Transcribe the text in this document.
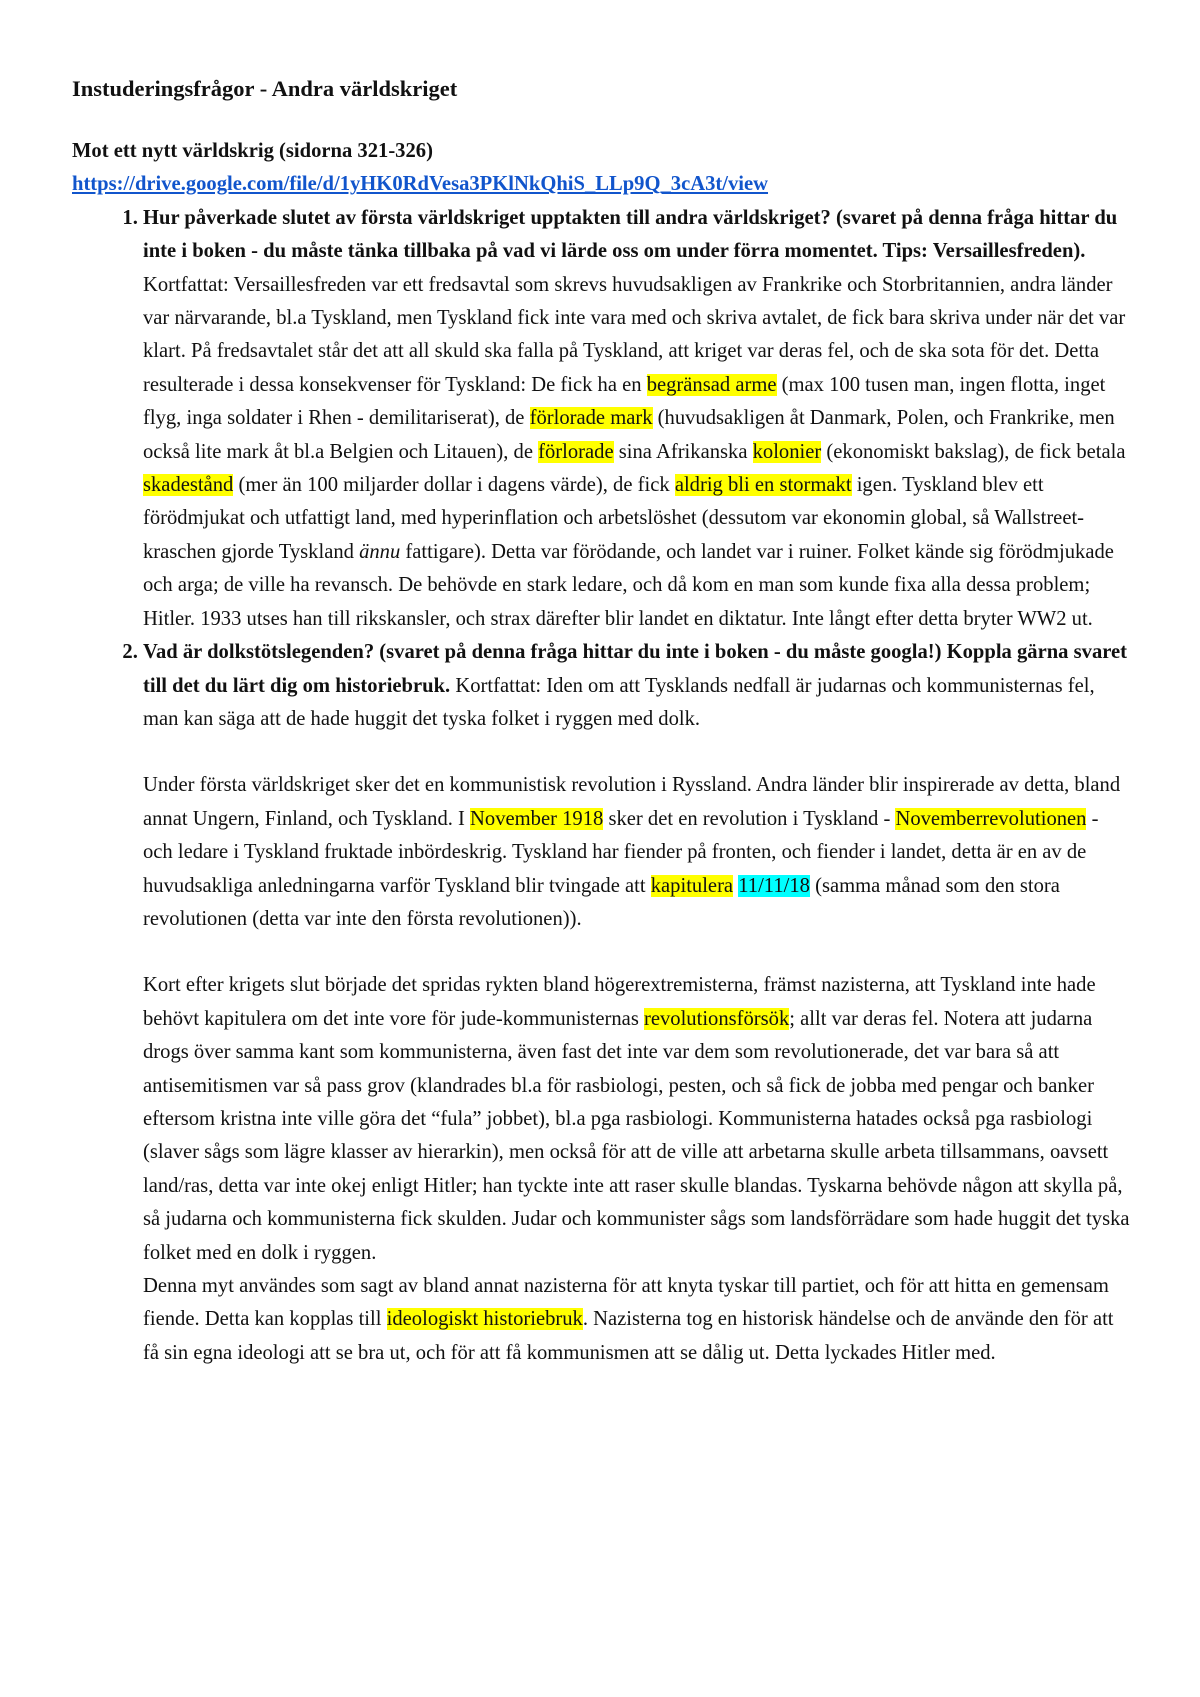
Instuderingsfrågor - Andra världskriget

Mot ett nytt världskrig (sidorna 321-326)

https://drive.google.com/file/d/1yHK0RdVesa3PKlNkQhiS_LLp9Q_3cA3t/view

1. Hur påverkade slutet av första världskriget upptakten till andra världskriget? (svaret på denna fråga hittar du inte i boken - du måste tänka tillbaka på vad vi lärde oss om under förra momentet. Tips: Versaillesfreden). Kortfattat: Versaillesfreden var ett fredsavtal som skrevs huvudsakligen av Frankrike och Storbritannien, andra länder var närvarande, bl.a Tyskland, men Tyskland fick inte vara med och skriva avtalet, de fick bara skriva under när det var klart. På fredsavtalet står det att all skuld ska falla på Tyskland, att kriget var deras fel, och de ska sota för det. Detta resulterade i dessa konsekvenser för Tyskland: De fick ha en begränsad arme (max 100 tusen man, ingen flotta, inget flyg, inga soldater i Rhen - demilitariserat), de förlorade mark (huvudsakligen åt Danmark, Polen, och Frankrike, men också lite mark åt bl.a Belgien och Litauen), de förlorade sina Afrikanska kolonier (ekonomiskt bakslag), de fick betala skadestånd (mer än 100 miljarder dollar i dagens värde), de fick aldrig bli en stormakt igen. Tyskland blev ett förödmjukat och utfattigt land, med hyperinflation och arbetslöshet (dessutom var ekonomin global, så Wallstreet-kraschen gjorde Tyskland ännu fattigare). Detta var förödande, och landet var i ruiner. Folket kände sig förödmjukade och arga; de ville ha revansch. De behövde en stark ledare, och då kom en man som kunde fixa alla dessa problem; Hitler. 1933 utses han till rikskansler, och strax därefter blir landet en diktatur. Inte långt efter detta bryter WW2 ut.

2. Vad är dolkstötslegenden? (svaret på denna fråga hittar du inte i boken - du måste googla!) Koppla gärna svaret till det du lärt dig om historiebruk. Kortfattat: Iden om att Tysklands nedfall är judarnas och kommunisternas fel, man kan säga att de hade huggit det tyska folket i ryggen med dolk.

Under första världskriget sker det en kommunistisk revolution i Ryssland. Andra länder blir inspirerade av detta, bland annat Ungern, Finland, och Tyskland. I November 1918 sker det en revolution i Tyskland - Novemberrevolutionen - och ledare i Tyskland fruktade inbördeskrig. Tyskland har fiender på fronten, och fiender i landet, detta är en av de huvudsakliga anledningarna varför Tyskland blir tvingade att kapitulera 11/11/18 (samma månad som den stora revolutionen (detta var inte den första revolutionen)).

Kort efter krigets slut började det spridas rykten bland högerextremisterna, främst nazisterna, att Tyskland inte hade behövt kapitulera om det inte vore för jude-kommunisternas revolutionsförsök; allt var deras fel. Notera att judarna drogs över samma kant som kommunisterna, även fast det inte var dem som revolutionerade, det var bara så att antisemitismen var så pass grov (klandrades bl.a för rasbiologi, pesten, och så fick de jobba med pengar och banker eftersom kristna inte ville göra det “fula” jobbet), bl.a pga rasbiologi. Kommunisterna hatades också pga rasbiologi (slaver sågs som lägre klasser av hierarkin), men också för att de ville att arbetarna skulle arbeta tillsammans, oavsett land/ras, detta var inte okej enligt Hitler; han tyckte inte att raser skulle blandas. Tyskarna behövde någon att skylla på, så judarna och kommunisterna fick skulden. Judar och kommunister sågs som landsförrädare som hade huggit det tyska folket med en dolk i ryggen.

Denna myt användes som sagt av bland annat nazisterna för att knyta tyskar till partiet, och för att hitta en gemensam fiende. Detta kan kopplas till ideologiskt historiebruk. Nazisterna tog en historisk händelse och de använde den för att få sin egna ideologi att se bra ut, och för att få kommunismen att se dålig ut. Detta lyckades Hitler med.
